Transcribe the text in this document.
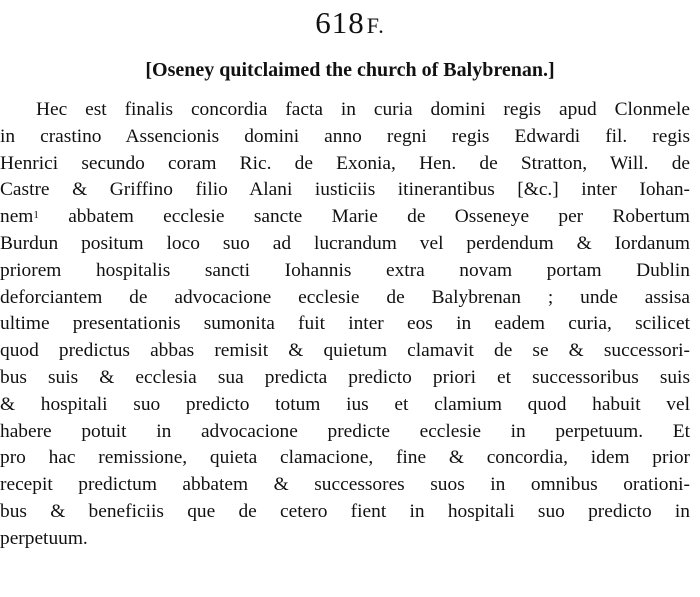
618F.
[Oseney quitclaimed the church of Balybrenan.]
Hec est finalis concordia facta in curia domini regis apud Clonmele
in crastino Assencionis domini anno regni regis Edwardi fil. regis
Henrici secundo coram Ric. de Exonia, Hen. de Stratton, Will. de
Castre & Griffino filio Alani iusticiis itinerantibus [&c.] inter Iohan-
nem$^1$ abbatem ecclesie sancte Marie de Osseneye per Robertum
Burdun positum loco suo ad lucrandum vel perdendum & Iordanum
priorem hospitalis sancti Iohannis extra novam portam Dublin
deforciantem de advocacione ecclesie de Balybrenan ; unde assisa
ultime presentationis sumonita fuit inter eos in eadem curia, scilicet
quod predictus abbas remisit & quietum clamavit de se & successori-
bus suis & ecclesia sua predicta predicto priori et successoribus suis
& hospitali suo predicto totum ius et clamium quod habuit vel
habere potuit in advocacione predicte ecclesie in perpetuum. Et
pro hac remissione, quieta clamacione, fine & concordia, idem prior
recepit predictum abbatem & successores suos in omnibus orationi-
bus & beneficiis que de cetero fient in hospitali suo predicto in
perpetuum.
